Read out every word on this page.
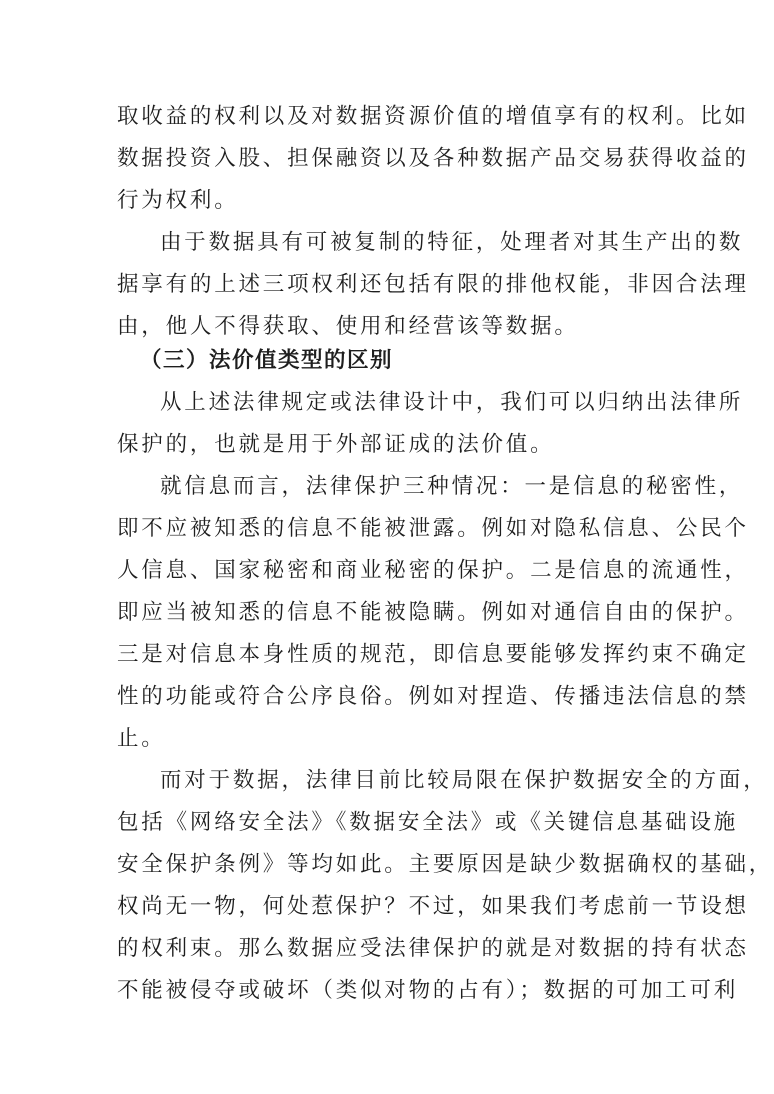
取收益的权利以及对数据资源价值的增值享有的权利。比如
数据投资入股、担保融资以及各种数据产品交易获得收益的
行为权利。
由于数据具有可被复制的特征，处理者对其生产出的数
据享有的上述三项权利还包括有限的排他权能，非因合法理
由，他人不得获取、使用和经营该等数据。
（三）法价值类型的区别
从上述法律规定或法律设计中，我们可以归纳出法律所
保护的，也就是用于外部证成的法价值。
就信息而言，法律保护三种情况：一是信息的秘密性，
即不应被知悉的信息不能被泄露。例如对隐私信息、公民个
人信息、国家秘密和商业秘密的保护。二是信息的流通性，
即应当被知悉的信息不能被隐瞒。例如对通信自由的保护。
三是对信息本身性质的规范，即信息要能够发挥约束不确定
性的功能或符合公序良俗。例如对捏造、传播违法信息的禁
止。
而对于数据，法律目前比较局限在保护数据安全的方面，
包括《网络安全法》《数据安全法》或《关键信息基础设施
安全保护条例》等均如此。主要原因是缺少数据确权的基础，
权尚无一物，何处惹保护？不过，如果我们考虑前一节设想
的权利束。那么数据应受法律保护的就是对数据的持有状态
不能被侵夺或破坏（类似对物的占有）；数据的可加工可利
